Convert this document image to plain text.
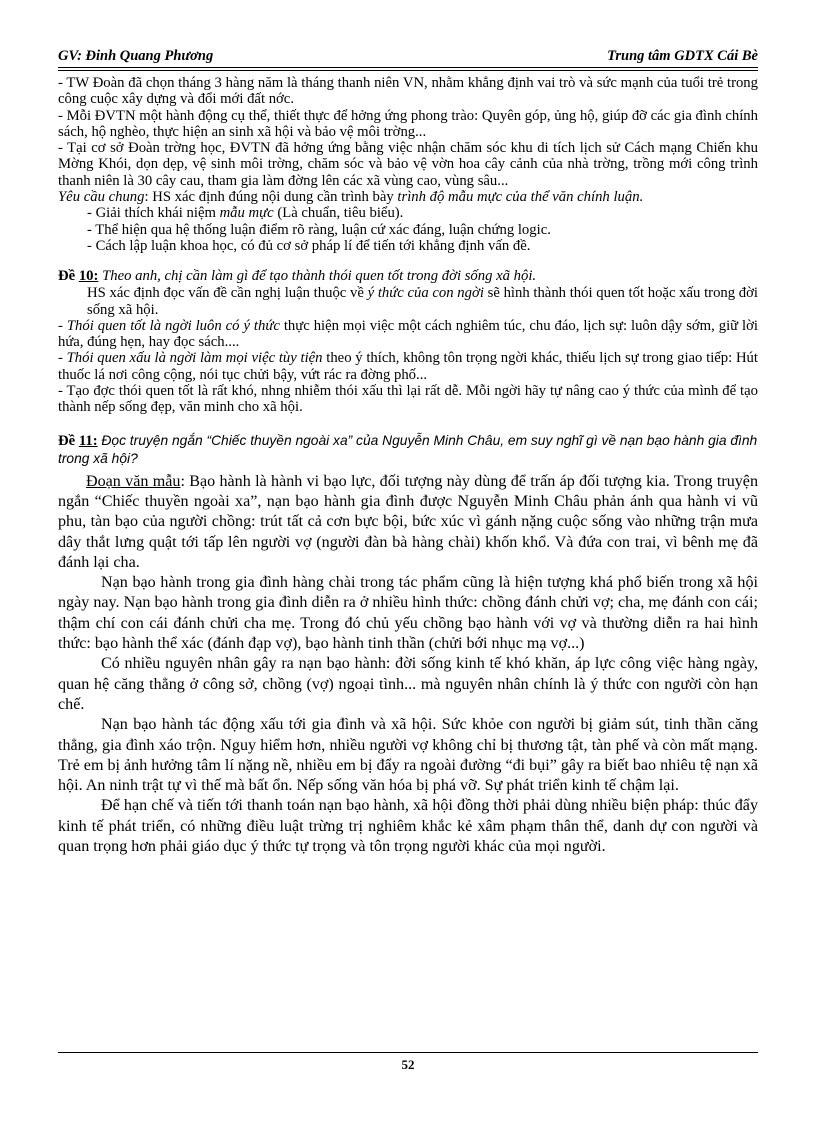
GV: Đinh Quang Phương	Trung tâm GDTX Cái Bè

- TW Đoàn đã chọn tháng 3 hàng năm là tháng thanh niên VN, nhằm khẳng định vai trò và sức mạnh của tuổi trẻ trong công cuộc xây dựng và đổi mới đất nớc.

- Mỗi ĐVTN một hành động cụ thể, thiết thực để hởng ứng phong trào: Quyên góp, ủng hộ, giúp đỡ các gia đình chính sách, hộ nghèo, thực hiện an sinh xã hội và bảo vệ môi trờng...

- Tại cơ sở Đoàn trờng học, ĐVTN đã hởng ứng bằng việc nhận chăm sóc khu di tích lịch sử Cách mạng Chiến khu Mờng Khói, dọn dẹp, vệ sinh môi trờng, chăm sóc và bảo vệ vờn hoa cây cảnh của nhà trờng, trồng mới công trình thanh niên là 30 cây cau, tham gia làm đờng lên các xã vùng cao, vùng sâu...

Yêu cầu chung: HS xác định đúng nội dung cần trình bày trình độ mẫu mực của thể văn chính luận.

- Giải thích khái niệm mẫu mực (Là chuẩn, tiêu biểu).

- Thể hiện qua hệ thống luận điểm rõ ràng, luận cứ xác đáng, luận chứng logic.

- Cách lập luận khoa học, có đủ cơ sở pháp lí để tiến tới khẳng định vấn đề.

Đề 10: Theo anh, chị cần làm gì để tạo thành thói quen tốt trong đời sống xã hội.

HS xác định đọc vấn đề cần nghị luận thuộc về ý thức của con ngời sẽ hình thành thói quen tốt hoặc xấu trong đời sống xã hội.

- Thói quen tốt là ngời luôn có ý thức thực hiện mọi việc một cách nghiêm túc, chu đáo, lịch sự: luôn dậy sớm, giữ lời hứa, đúng hẹn, hay đọc sách....

- Thói quen xấu là ngời làm mọi việc tùy tiện theo ý thích, không tôn trọng ngời khác, thiếu lịch sự trong giao tiếp: Hút thuốc lá nơi công cộng, nói tục chửi bậy, vứt rác ra đờng phố...

- Tạo đợc thói quen tốt là rất khó, nhng nhiễm thói xấu thì lại rất dễ. Mỗi ngời hãy tự nâng cao ý thức của mình để tạo thành nếp sống đẹp, văn minh cho xã hội.

Đề 11: Đọc truyện ngắn “Chiếc thuyền ngoài xa” của Nguyễn Minh Châu, em suy nghĩ gì về nạn bạo hành gia đình trong xã hội?

Đoạn văn mẫu: Bạo hành là hành vi bạo lực, đối tượng này dùng để trấn áp đối tượng kia. Trong truyện ngắn “Chiếc thuyền ngoài xa”, nạn bạo hành gia đình được Nguyễn Minh Châu phản ánh qua hành vi vũ phu, tàn bạo của người chồng: trút tất cả cơn bực bội, bức xúc vì gánh nặng cuộc sống vào những trận mưa dây thắt lưng quật tới tấp lên người vợ (người đàn bà hàng chài) khốn khổ. Và đứa con trai, vì bênh mẹ đã đánh lại cha.

Nạn bạo hành trong gia đình hàng chài trong tác phẩm cũng là hiện tượng khá phổ biến trong xã hội ngày nay. Nạn bạo hành trong gia đình diễn ra ở nhiều hình thức: chồng đánh chửi vợ; cha, mẹ đánh con cái; thậm chí con cái đánh chửi cha mẹ. Trong đó chủ yếu chồng bạo hành với vợ và thường diễn ra hai hình thức: bạo hành thể xác (đánh đạp vợ), bạo hành tinh thần (chửi bới nhục mạ vợ...)

Có nhiều nguyên nhân gây ra nạn bạo hành: đời sống kinh tế khó khăn, áp lực công việc hàng ngày, quan hệ căng thẳng ở công sở, chồng (vợ) ngoại tình... mà nguyên nhân chính là ý thức con người còn hạn chế.

Nạn bạo hành tác động xấu tới gia đình và xã hội. Sức khỏe con người bị giảm sút, tinh thần căng thẳng, gia đình xáo trộn. Nguy hiểm hơn, nhiều người vợ không chỉ bị thương tật, tàn phế và còn mất mạng. Trẻ em bị ảnh hưởng tâm lí nặng nề, nhiều em bị đẩy ra ngoài đường “đi bụi” gây ra biết bao nhiêu tệ nạn xã hội. An ninh trật tự vì thế mà bất ổn. Nếp sống văn hóa bị phá vỡ. Sự phát triển kinh tế chậm lại.

Để hạn chế và tiến tới thanh toán nạn bạo hành, xã hội đồng thời phải dùng nhiều biện pháp: thúc đẩy kinh tế phát triển, có những điều luật trừng trị nghiêm khắc kẻ xâm phạm thân thể, danh dự con người và quan trọng hơn phải giáo dục ý thức tự trọng và tôn trọng người khác của mọi người.

52
